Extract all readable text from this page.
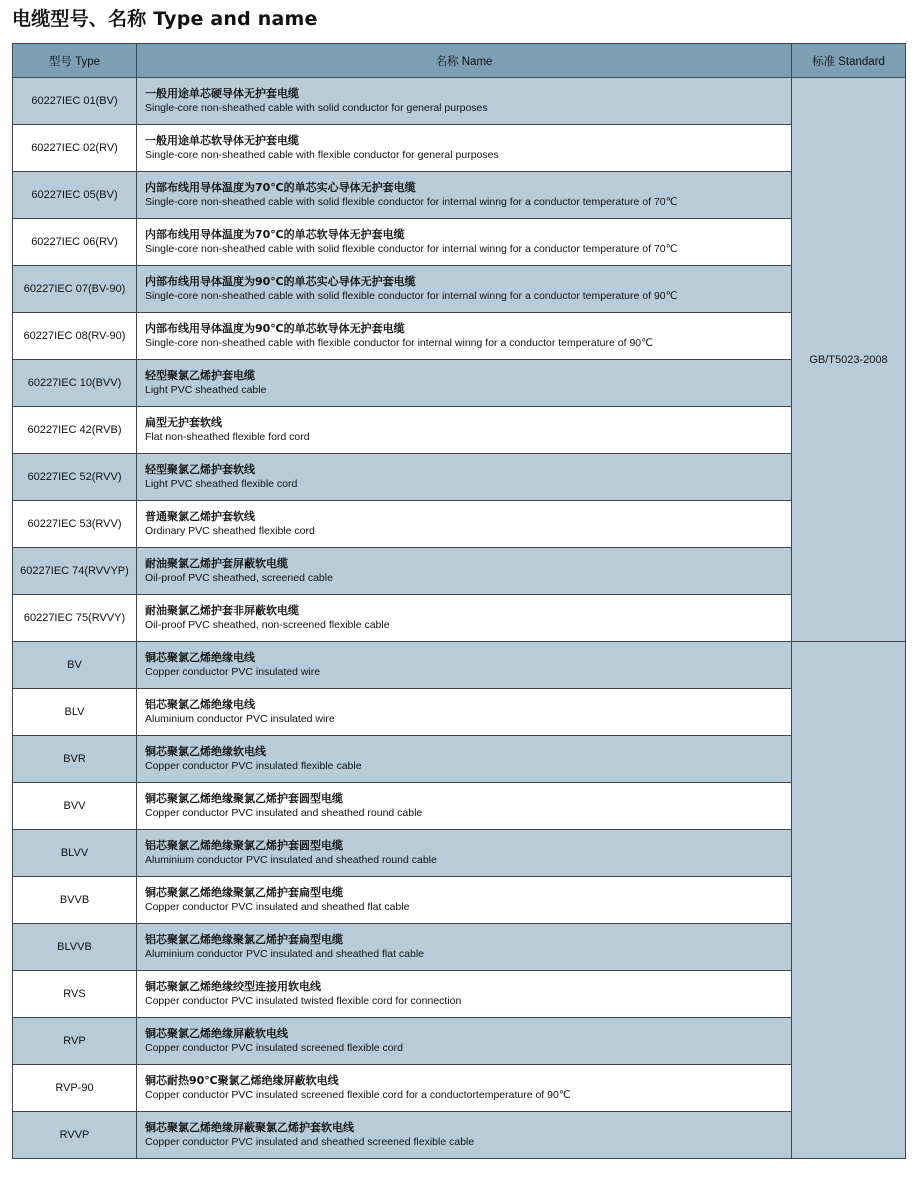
电缆型号、名称 Type and name
型号 Type	名称 Name	标准 Standard
60227IEC 01(BV)	一般用途单芯硬导体无护套电缆
Single-core non-sheathed cable with solid conductor for general purposes	GB/T5023-2008
60227IEC 02(RV)	一般用途单芯软导体无护套电缆
Single-core non-sheathed cable with flexible conductor for general purposes	

60227IEC 05(BV)	内部布线用导体温度为70℃的单芯实心导体无护套电缆
Single-core non-sheathed cable with solid flexible conductor for internal winng for a conductor temperature of 70℃	

60227IEC 06(RV)	内部布线用导体温度为70℃的单芯软导体无护套电缆
Single-core non-sheathed cable with solid flexible conductor for internal winng for a conductor temperature of 70℃	

60227IEC 07(BV-90)	内部布线用导体温度为90℃的单芯实心导体无护套电缆
Single-core non-sheathed cable with solid flexible conductor for internal winng for a conductor temperature of 90℃	

60227IEC 08(RV-90)	内部布线用导体温度为90℃的单芯软导体无护套电缆
Single-core non-sheathed cable with flexible conductor for internal winng for a conductor temperature of 90℃	

60227IEC 10(BVV)	轻型聚氯乙烯护套电缆
Light PVC sheathed cable	

60227IEC 42(RVB)	扁型无护套软线
Flat non-sheathed flexible ford cord	

60227IEC 52(RVV)	轻型聚氯乙烯护套软线
Light PVC sheathed flexible cord	

60227IEC 53(RVV)	普通聚氯乙烯护套软线
Ordinary PVC sheathed flexible cord	

60227IEC 74(RVVYP)	耐油聚氯乙烯护套屏蔽软电缆
Oil-proof PVC sheathed, screened cable	

60227IEC 75(RVVY)	耐油聚氯乙烯护套非屏蔽软电缆
Oil-proof PVC sheathed, non-screened flexible cable	

BV	铜芯聚氯乙烯绝缘电线
Copper conductor PVC insulated wire	

BLV	铝芯聚氯乙烯绝缘电线
Aluminium conductor PVC insulated wire	

BVR	铜芯聚氯乙烯绝缘软电线
Copper conductor PVC insulated flexible cable	

BVV	铜芯聚氯乙烯绝缘聚氯乙烯护套圆型电缆
Copper conductor PVC insulated and sheathed round cable	

BLVV	铝芯聚氯乙烯绝缘聚氯乙烯护套圆型电缆
Aluminium conductor PVC insulated and sheathed round cable	

BVVB	铜芯聚氯乙烯绝缘聚氯乙烯护套扁型电缆
Copper conductor PVC insulated and sheathed flat cable	

BLVVB	铝芯聚氯乙烯绝缘聚氯乙烯护套扁型电缆
Aluminium conductor PVC insulated and sheathed flat cable	

RVS	铜芯聚氯乙烯绝缘绞型连接用软电线
Copper conductor PVC insulated twisted flexible cord for connection	

RVP	铜芯聚氯乙烯绝缘屏蔽软电线
Copper conductor PVC insulated screened flexible cord	

RVP-90	铜芯耐热90℃聚氯乙烯绝缘屏蔽软电线
Copper conductor PVC insulated screened flexible cord for a conductortemperature of 90℃	

RVVP	铜芯聚氯乙烯绝缘屏蔽聚氯乙烯护套软电线
Copper conductor PVC insulated and sheathed screened flexible cable	
